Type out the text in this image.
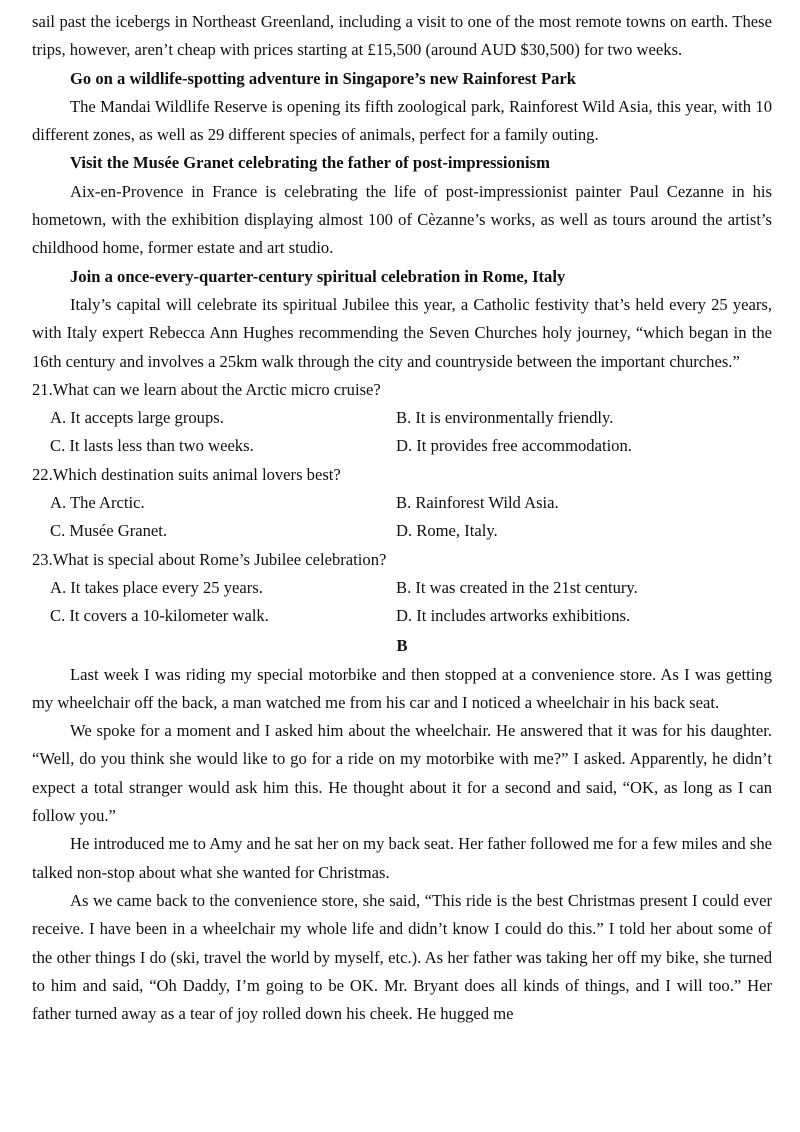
sail past the icebergs in Northeast Greenland, including a visit to one of the most remote towns on earth. These trips, however, aren’t cheap with prices starting at £15,500 (around AUD $30,500) for two weeks.

Go on a wildlife-spotting adventure in Singapore’s new Rainforest Park

The Mandai Wildlife Reserve is opening its fifth zoological park, Rainforest Wild Asia, this year, with 10 different zones, as well as 29 different species of animals, perfect for a family outing.

Visit the Musée Granet celebrating the father of post-impressionism

Aix-en-Provence in France is celebrating the life of post-impressionist painter Paul Cezanne in his hometown, with the exhibition displaying almost 100 of Cèzanne’s works, as well as tours around the artist’s childhood home, former estate and art studio.

Join a once-every-quarter-century spiritual celebration in Rome, Italy

Italy’s capital will celebrate its spiritual Jubilee this year, a Catholic festivity that’s held every 25 years, with Italy expert Rebecca Ann Hughes recommending the Seven Churches holy journey, “which began in the 16th century and involves a 25km walk through the city and countryside between the important churches.”

21.What can we learn about the Arctic micro cruise?

A. It accepts large groups.	B. It is environmentally friendly.
C. It lasts less than two weeks.	D. It provides free accommodation.

22.Which destination suits animal lovers best?

A. The Arctic.	B. Rainforest Wild Asia.
C. Musée Granet.	D. Rome, Italy.

23.What is special about Rome’s Jubilee celebration?

A. It takes place every 25 years.	B. It was created in the 21st century.
C. It covers a 10-kilometer walk.	D. It includes artworks exhibitions.

B

Last week I was riding my special motorbike and then stopped at a convenience store. As I was getting my wheelchair off the back, a man watched me from his car and I noticed a wheelchair in his back seat.

We spoke for a moment and I asked him about the wheelchair. He answered that it was for his daughter. “Well, do you think she would like to go for a ride on my motorbike with me?” I asked. Apparently, he didn’t expect a total stranger would ask him this. He thought about it for a second and said, “OK, as long as I can follow you.”

He introduced me to Amy and he sat her on my back seat. Her father followed me for a few miles and she talked non-stop about what she wanted for Christmas.

As we came back to the convenience store, she said, “This ride is the best Christmas present I could ever receive. I have been in a wheelchair my whole life and didn’t know I could do this.” I told her about some of the other things I do (ski, travel the world by myself, etc.). As her father was taking her off my bike, she turned to him and said, “Oh Daddy, I’m going to be OK. Mr. Bryant does all kinds of things, and I will too.” Her father turned away as a tear of joy rolled down his cheek. He hugged me
